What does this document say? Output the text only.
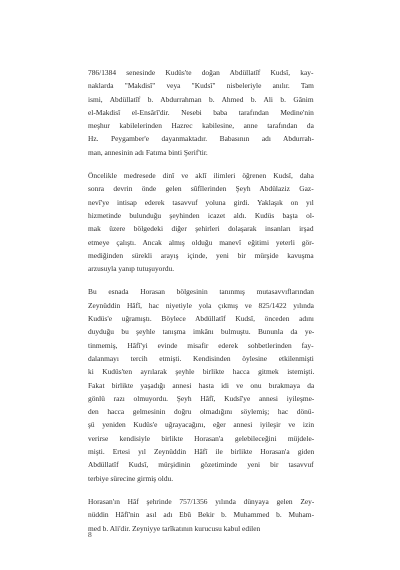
786/1384 senesinde Kudüs'te doğan Abdüllatîf Kudsî, kay-
naklarda "Makdisî" veya "Kudsî" nisbeleriyle anılır. Tam
ismi, Abdüllatîf b. Abdurrahman b. Ahmed b. Ali b. Gânim
el-Makdisî el-Ensârî'dir. Nesebi baba tarafından Medine'nin
meşhur kabilelerinden Hazrec kabilesine, anne tarafından da
Hz. Peygamber'e dayanmaktadır. Babasının adı Abdurrah-
man, annesinin adı Fatıma binti Şerif'tir.

Öncelikle medresede dinî ve aklî ilimleri öğrenen Kudsî, daha
sonra devrin önde gelen sûfîlerinden Şeyh Abdülaziz Gaz-
nevî'ye intisap ederek tasavvuf yoluna girdi. Yaklaşık on yıl
hizmetinde bulunduğu şeyhinden icazet aldı. Kudüs başta ol-
mak üzere bölgedeki diğer şehirleri dolaşarak insanları irşad
etmeye çalıştı. Ancak almış olduğu manevî eğitimi yeterli gör-
mediğinden sürekli arayış içinde, yeni bir mürşide kavuşma
arzusuyla yanıp tutuşuyordu.

Bu esnada Horasan bölgesinin tanınmış mutasavvıflarından
Zeynüddin Hâfî, hac niyetiyle yola çıkmış ve 825/1422 yılında
Kudüs'e uğramıştı. Böylece Abdüllatîf Kudsî, önceden adını
duyduğu bu şeyhle tanışma imkânı bulmuştu. Bununla da ye-
tinmemiş, Hâfî'yi evinde misafir ederek sohbetlerinden fay-
dalanmayı tercih etmişti. Kendisinden öylesine etkilenmişti
ki Kudüs'ten ayrılarak şeyhle birlikte hacca gitmek istemişti.
Fakat birlikte yaşadığı annesi hasta idi ve onu bırakmaya da
gönlü razı olmuyordu. Şeyh Hâfî, Kudsî'ye annesi iyileşme-
den hacca gelmesinin doğru olmadığını söylemiş; hac dönü-
şü yeniden Kudüs'e uğrayacağını, eğer annesi iyileşir ve izin
verirse kendisiyle birlikte Horasan'a gelebileceğini müjdele-
mişti. Ertesi yıl Zeynüddin Hâfî ile birlikte Horasan'a giden
Abdüllatîf Kudsî, mürşidinin gözetiminde yeni bir tasavvuf
terbiye sürecine girmiş oldu.

Horasan'ın Hâf şehrinde 757/1356 yılında dünyaya gelen Zey-
nüddin Hâfî'nin asıl adı Ebû Bekir b. Muhammed b. Muham-
med b. Ali'dir. Zeyniyye tarîkatının kurucusu kabul edilen

8
